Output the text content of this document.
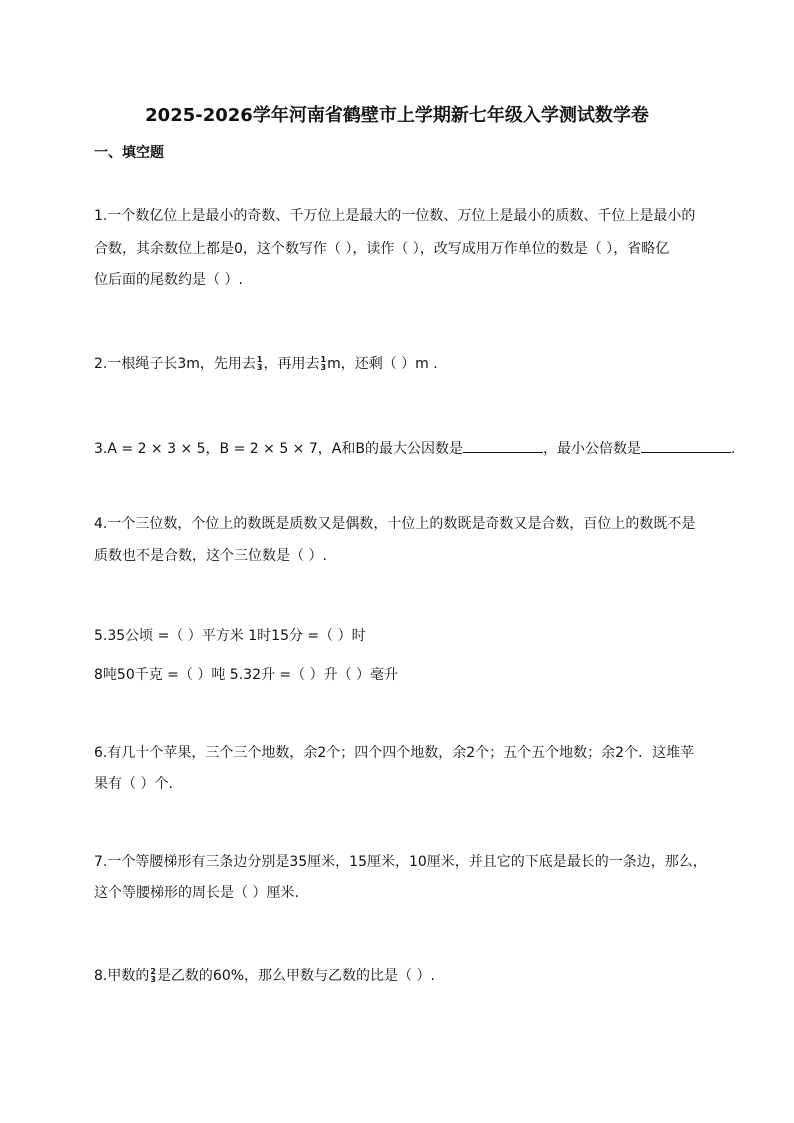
2025-2026学年河南省鹤壁市上学期新七年级入学测试数学卷
一、填空题
1.一个数亿位上是最小的奇数、千万位上是最大的一位数、万位上是最小的质数、千位上是最小的
合数，其余数位上都是0，这个数写作（ ），读作（ ），改写成用万作单位的数是（ ），省略亿
位后面的尾数约是（ ）.
2.一根绳子长3m，先用去 1
3 ，再用去 1
3 m，还剩（ ）m .
3.A = 2 × 3 × 5，B = 2 × 5 × 7，A和B的最大公因数是	，最小公倍数是	.
4.一个三位数，个位上的数既是质数又是偶数，十位上的数既是奇数又是合数，百位上的数既不是
质数也不是合数，这个三位数是（ ）.
5.35公顷 =（ ）平方米 1时15分 =（ ）时
8吨50千克 =（ ）吨 5.32升 =（ ）升（ ）毫升
6.有几十个苹果，三个三个地数，余2个；四个四个地数，余2个；五个五个地数；余2个．这堆苹
果有（ ）个.
7.一个等腰梯形有三条边分别是35厘米，15厘米，10厘米，并且它的下底是最长的一条边，那么，
这个等腰梯形的周长是（ ）厘米.
8.甲数的 2
3 是乙数的60%，那么甲数与乙数的比是（ ）.
